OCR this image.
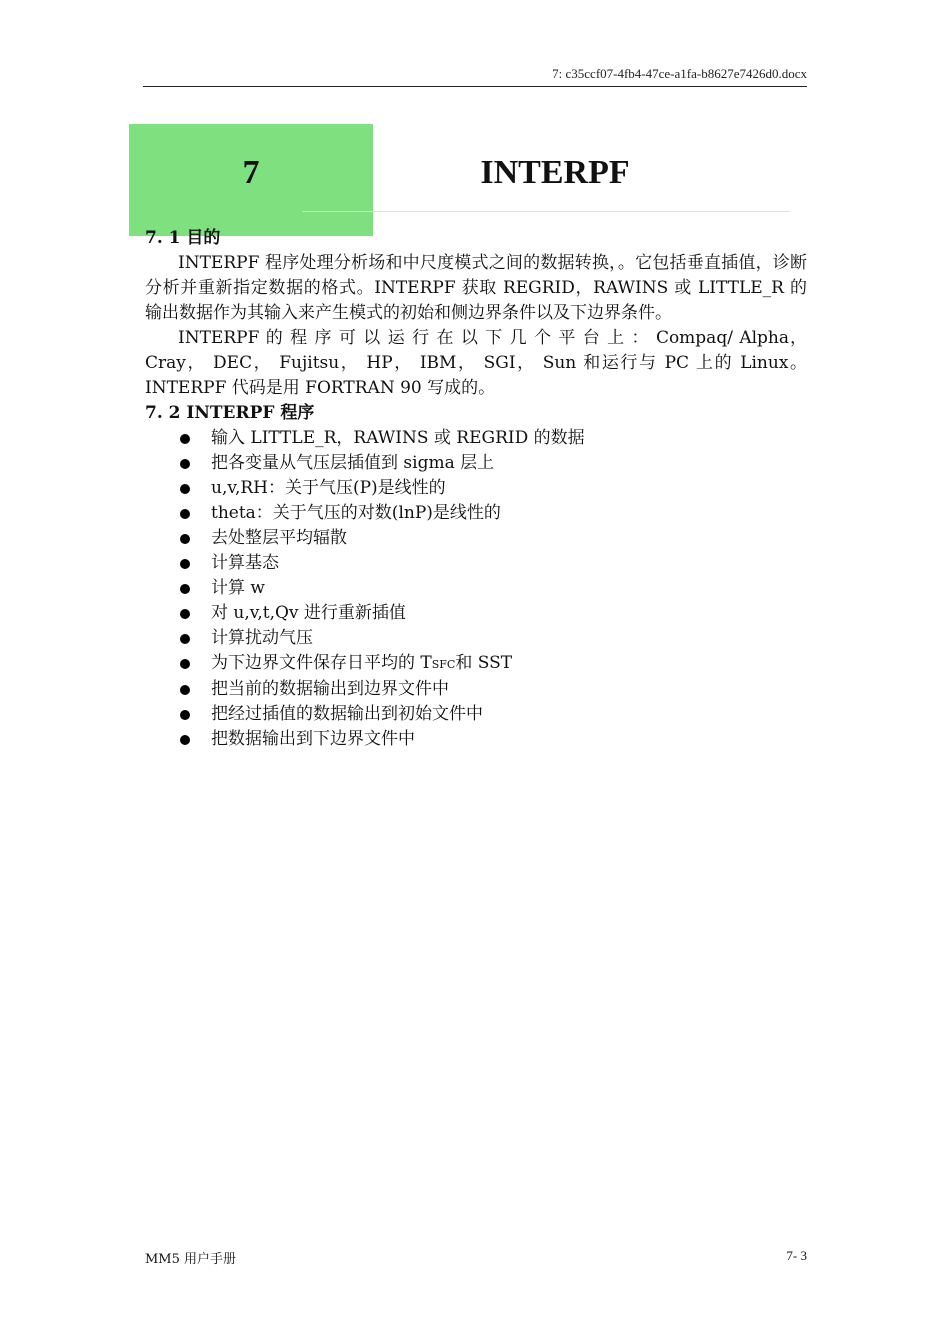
7: c35ccf07-4fb4-47ce-a1fa-b8627e7426d0.docx
7	INTERPF
7. 1 目的

INTERPF 程序处理分析场和中尺度模式之间的数据转换，。它包括垂直插值，诊断分析并重新指定数据的格式。INTERPF 获取 REGRID，RAWINS 或 LITTLE_R 的输出数据作为其输入来产生模式的初始和侧边界条件以及下边界条件。

INTERPF 的 程 序 可 以 运 行 在 以 下 几 个 平 台 上 ： Compaq/ Alpha， Cray， DEC， Fujitsu， HP， IBM， SGI， Sun 和运行与 PC 上的 Linux。INTERPF 代码是用 FORTRAN 90 写成的。

7. 2 INTERPF 程序
输入 LITTLE_R，RAWINS 或 REGRID 的数据
把各变量从气压层插值到 sigma 层上
u,v,RH：关于气压(P)是线性的
theta：关于气压的对数(lnP)是线性的
去处整层平均辐散
计算基态
计算 w
对 u,v,t,Qv 进行重新插值
计算扰动气压
为下边界文件保存日平均的 TSFC和 SST
把当前的数据输出到边界文件中
把经过插值的数据输出到初始文件中
把数据输出到下边界文件中
MM5 用户手册	7- 3
